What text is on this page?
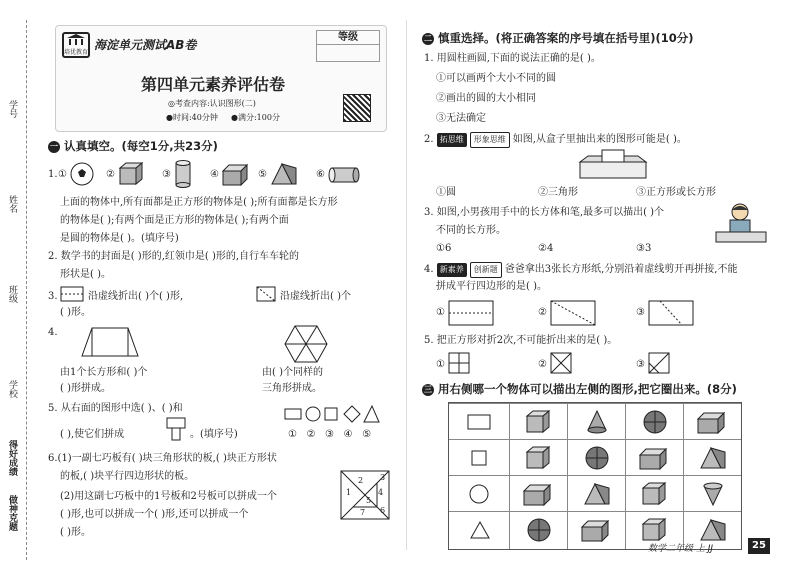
学号
姓名
班级
学校
得好成绩
做神克题
培优教育
海淀单元测试AB卷
等级
第四单元素养评估卷
◎考查内容:认识图形(二)
●时间:40分钟 ●满分:100分
一 认真填空。(每空1分,共23分)
1. ①	②	③	④	⑤	⑥
上面的物体中,所有面都是正方形的物体是( );所有面都是长方形
的物体是( );有两个面是正方形的物体是( );有两个面
是圆的物体是( )。(填序号)
2. 数学书的封面是( )形的,红领巾是( )形的,自行车车轮的
形状是( )。
3.	沿虚线折出( )个( )形,	沿虚线折出( )个
( )形。
4.
由1个长方形和( )个
( )形拼成。
由( )个同样的
三角形拼成。
5. 从右面的图形中选( )、( )和
( ),使它们拼成	。(填序号)	① ② ③ ④ ⑤
6.(1)一副七巧板有( )块三角形状的板,( )块正方形状
的板,( )块平行四边形状的板。
(2)用这副七巧板中的1号板和2号板可以拼成一个
( )形,也可以拼成一个( )形,还可以拼成一个
( )形。
1
2 3
4
5
6
7
二 慎重选择。(将正确答案的序号填在括号里)(10分)
1. 用圆柱画圆,下面的说法正确的是( )。
①可以画两个大小不同的圆
②画出的圆的大小相同
③无法确定
2. 拓思维 形象思维 如图,从盒子里抽出来的图形可能是( )。
①圆	②三角形	③正方形或长方形
3. 如图,小男孩用手中的长方体和笔,最多可以描出( )个
不同的长方形。
①6	②4	③3
4. 新素养 创新题 爸爸拿出3张长方形纸,分别沿着虚线剪开再拼接,不能
拼成平行四边形的是( )。
①	②	③
5. 把正方形对折2次,不可能折出来的是( )。
①	②	③
三 用右侧哪一个物体可以描出左侧的图形,把它圈出来。(8分)
数学二年级 上 JJ	25
